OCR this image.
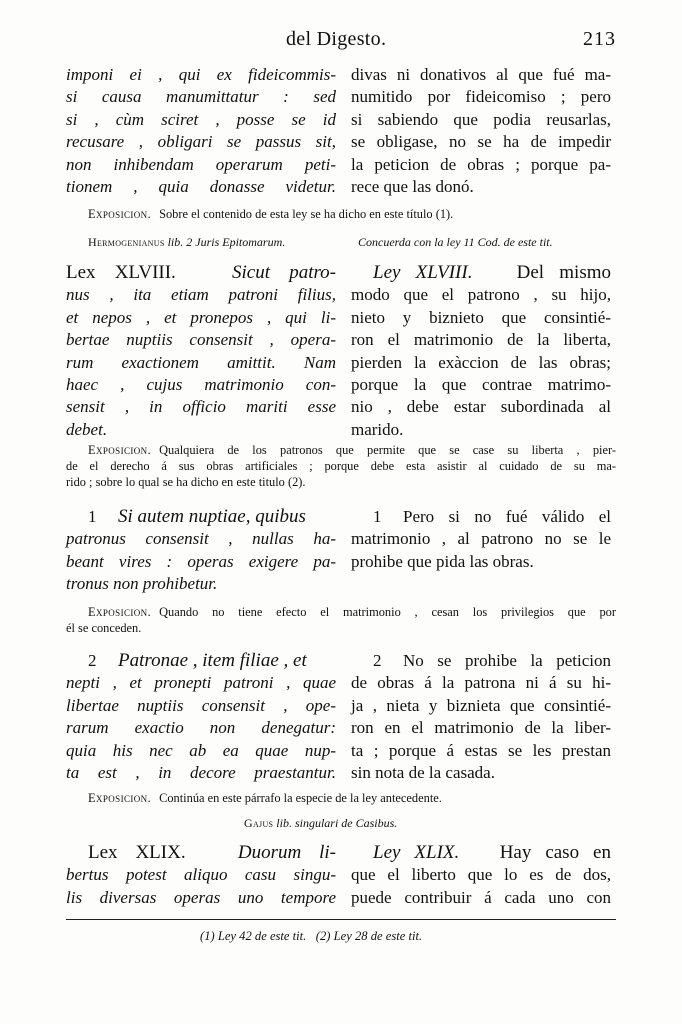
del Digesto.	213
imponi ei , qui ex fideicommis-
si causa manumittatur : sed
si , cùm sciret , posse se id
recusare , obligari se passus sit,
non inhibendam operarum peti-
tionem , quia donasse videtur.
divas ni donativos al que fué ma-
numitido por fideicomiso ; pero
si sabiendo que podia reusarlas,
se obligase, no se ha de impedir
la peticion de obras ; porque pa-
rece que las donó.
Exposicion. Sobre el contenido de esta ley se ha dicho en este título (1).
Hermogenianus lib. 2 Juris Epitomarum.	Concuerda con la ley 11 Cod. de este tit.
Lex XLVIII.	Sicut patro-
nus , ita etiam patroni filius,
et nepos , et pronepos , qui li-
bertae nuptiis consensit , opera-
rum exactionem amittit. Nam
haec , cujus matrimonio con-
sensit , in officio mariti esse
debet.
Ley XLVIII. Del mismo
modo que el patrono , su hijo,
nieto y biznieto que consintié-
ron el matrimonio de la liberta,
pierden la exàccion de las obras;
porque la que contrae matrimo-
nio , debe estar subordinada al
marido.
Exposicion. Qualquiera de los patronos que permite que se case su liberta , pier-
de el derecho á sus obras artificiales ; porque debe esta asistir al cuidado de su ma-
rido ; sobre lo qual se ha dicho en este titulo (2).
1 Si autem nuptiae, quibus
patronus consensit , nullas ha-
beant vires : operas exigere pa-
tronus non prohibetur.
1 Pero si no fué válido el
matrimonio , al patrono no se le
prohibe que pida las obras.
Exposicion. Quando no tiene efecto el matrimonio , cesan los privilegios que por
él se conceden.
2 Patronae , item filiae , et
nepti , et pronepti patroni , quae
libertae nuptiis consensit , ope-
rarum exactio non denegatur:
quia his nec ab ea quae nup-
ta est , in decore praestantur.
2 No se prohibe la peticion
de obras á la patrona ni á su hi-
ja , nieta y biznieta que consintié-
ron en el matrimonio de la liber-
ta ; porque á estas se les prestan
sin nota de la casada.
Exposicion. Continúa en este párrafo la especie de la ley antecedente.
Gajus lib. singulari de Casibus.
Lex XLIX.	Duorum li-
bertus potest aliquo casu singu-
lis diversas operas uno tempore
Ley XLIX. Hay caso en
que el liberto que lo es de dos,
puede contribuir á cada uno con
(1) Ley 42 de este tit. (2) Ley 28 de este tit.
